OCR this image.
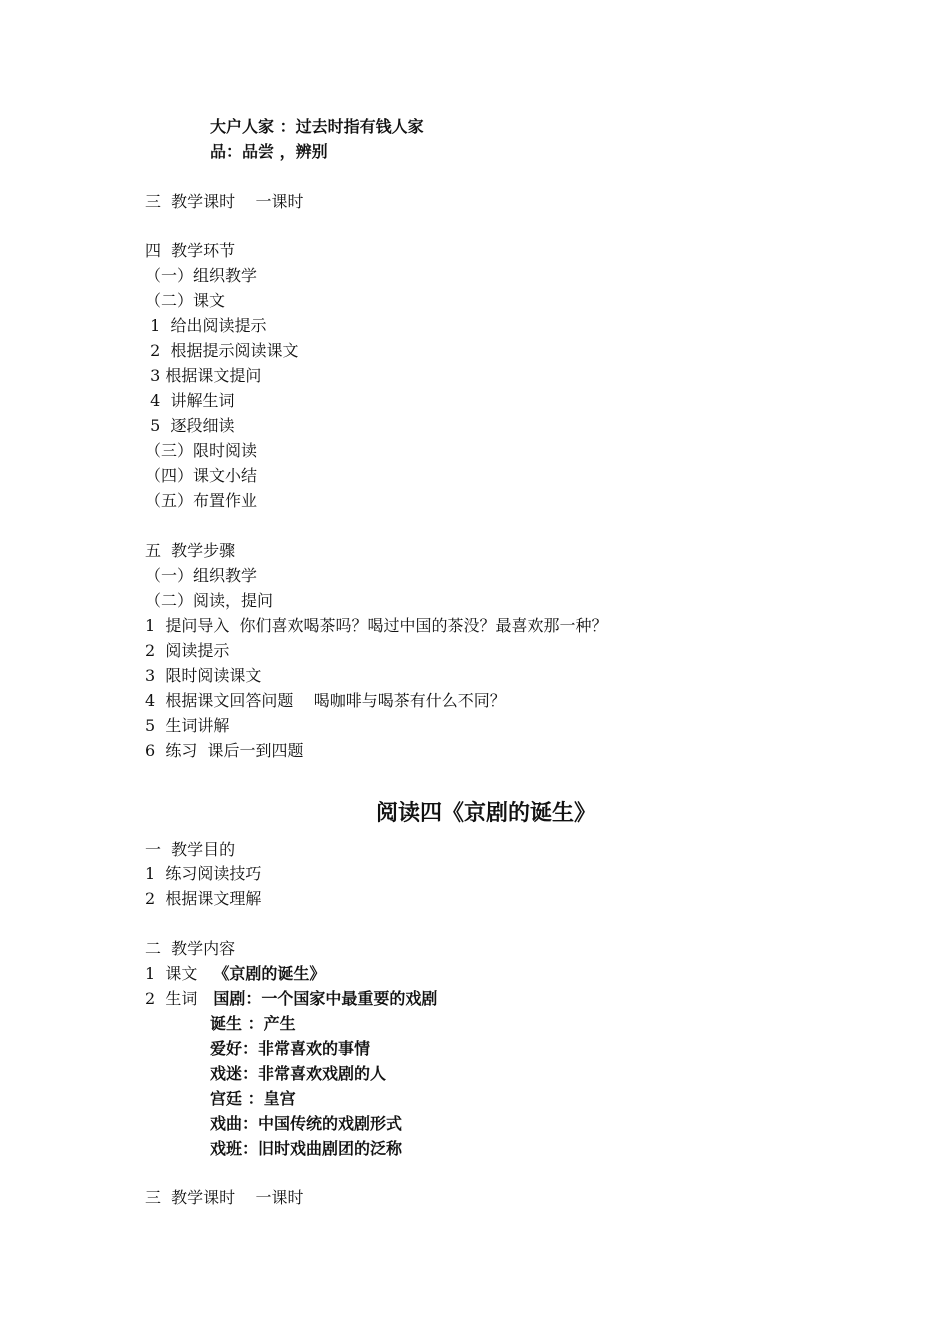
大户人家 ：过去时指有钱人家
品：品尝 ，辨别
三  教学课时    一课时
四  教学环节
（一）组织教学
（二）课文
1  给出阅读提示
2  根据提示阅读课文
3 根据课文提问
4  讲解生词
5  逐段细读
（三）限时阅读
（四）课文小结
（五）布置作业
五  教学步骤
（一）组织教学
（二）阅读，提问
1  提问导入  你们喜欢喝茶吗？喝过中国的茶没？最喜欢那一种？
2  阅读提示
3  限时阅读课文
4  根据课文回答问题    喝咖啡与喝茶有什么不同？
5  生词讲解
6  练习  课后一到四题
阅读四《京剧的诞生》
一  教学目的
1  练习阅读技巧
2  根据课文理解
二  教学内容
1  课文 《京剧的诞生》
2  生词 国剧：一个国家中最重要的戏剧
诞生 ：产生
爱好：非常喜欢的事情
戏迷：非常喜欢戏剧的人
宫廷 ：皇宫
戏曲：中国传统的戏剧形式
戏班：旧时戏曲剧团的泛称
三  教学课时    一课时
